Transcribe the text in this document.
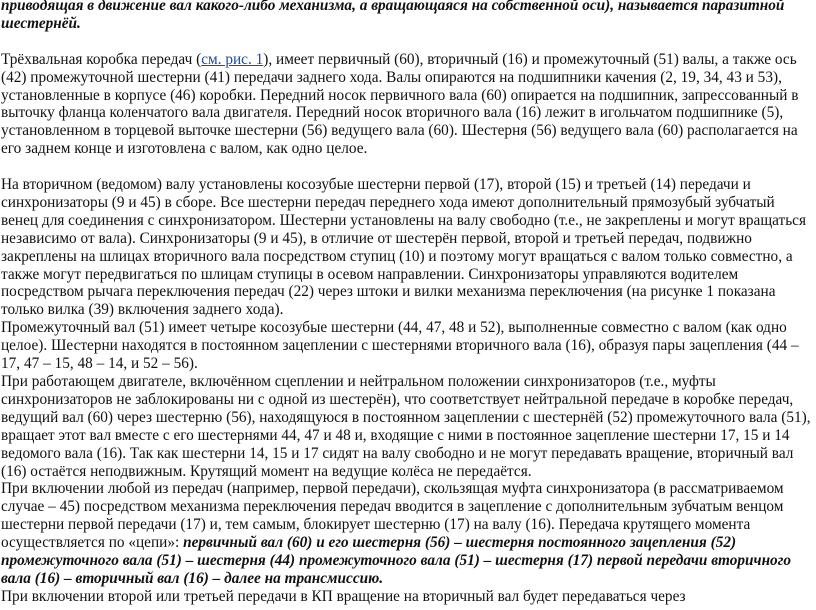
приводящая в движение вал какого-либо механизма, а вращающаяся на собственной оси), называется паразитной шестернёй.

Трёхвальная коробка передач (см. рис. 1), имеет первичный (60), вторичный (16) и промежуточный (51) валы, а также ось (42) промежуточной шестерни (41) передачи заднего хода. Валы опираются на подшипники качения (2, 19, 34, 43 и 53), установленные в корпусе (46) коробки. Передний носок первичного вала (60) опирается на подшипник, запрессованный в выточку фланца коленчатого вала двигателя. Передний носок вторичного вала (16) лежит в игольчатом подшипнике (5), установленном в торцевой выточке шестерни (56) ведущего вала (60). Шестерня (56) ведущего вала (60) располагается на его заднем конце и изготовлена с валом, как одно целое.

На вторичном (ведомом) валу установлены косозубые шестерни первой (17), второй (15) и третьей (14) передачи и синхронизаторы (9 и 45) в сборе. Все шестерни передач переднего хода имеют дополнительный прямозубый зубчатый венец для соединения с синхронизатором. Шестерни установлены на валу свободно (т.е., не закреплены и могут вращаться независимо от вала). Синхронизаторы (9 и 45), в отличие от шестерён первой, второй и третьей передач, подвижно закреплены на шлицах вторичного вала посредством ступиц (10) и поэтому могут вращаться с валом только совместно, а также могут передвигаться по шлицам ступицы в осевом направлении. Синхронизаторы управляются водителем посредством рычага переключения передач (22) через штоки и вилки механизма переключения (на рисунке 1 показана только вилка (39) включения заднего хода).

Промежуточный вал (51) имеет четыре косозубые шестерни (44, 47, 48 и 52), выполненные совместно с валом (как одно целое). Шестерни находятся в постоянном зацеплении с шестернями вторичного вала (16), образуя пары зацепления (44 – 17, 47 – 15, 48 – 14, и 52 – 56).

При работающем двигателе, включённом сцеплении и нейтральном положении синхронизаторов (т.е., муфты синхронизаторов не заблокированы ни с одной из шестерён), что соответствует нейтральной передаче в коробке передач, ведущий вал (60) через шестерню (56), находящуюся в постоянном зацеплении с шестернёй (52) промежуточного вала (51), вращает этот вал вместе с его шестернями 44, 47 и 48 и, входящие с ними в постоянное зацепление шестерни 17, 15 и 14 ведомого вала (16). Так как шестерни 14, 15 и 17 сидят на валу свободно и не могут передавать вращение, вторичный вал (16) остаётся неподвижным. Крутящий момент на ведущие колёса не передаётся.

При включении любой из передач (например, первой передачи), скользящая муфта синхронизатора (в рассматриваемом случае – 45) посредством механизма переключения передач вводится в зацепление с дополнительным зубчатым венцом шестерни первой передачи (17) и, тем самым, блокирует шестерню (17) на валу (16). Передача крутящего момента осуществляется по «цепи»: первичный вал (60) и его шестерня (56) – шестерня постоянного зацепления (52) промежуточного вала (51) – шестерня (44) промежуточного вала (51) – шестерня (17) первой передачи вторичного вала (16) – вторичный вал (16) – далее на трансмиссию.

При включении второй или третьей передачи в КП вращение на вторичный вал будет передаваться через
